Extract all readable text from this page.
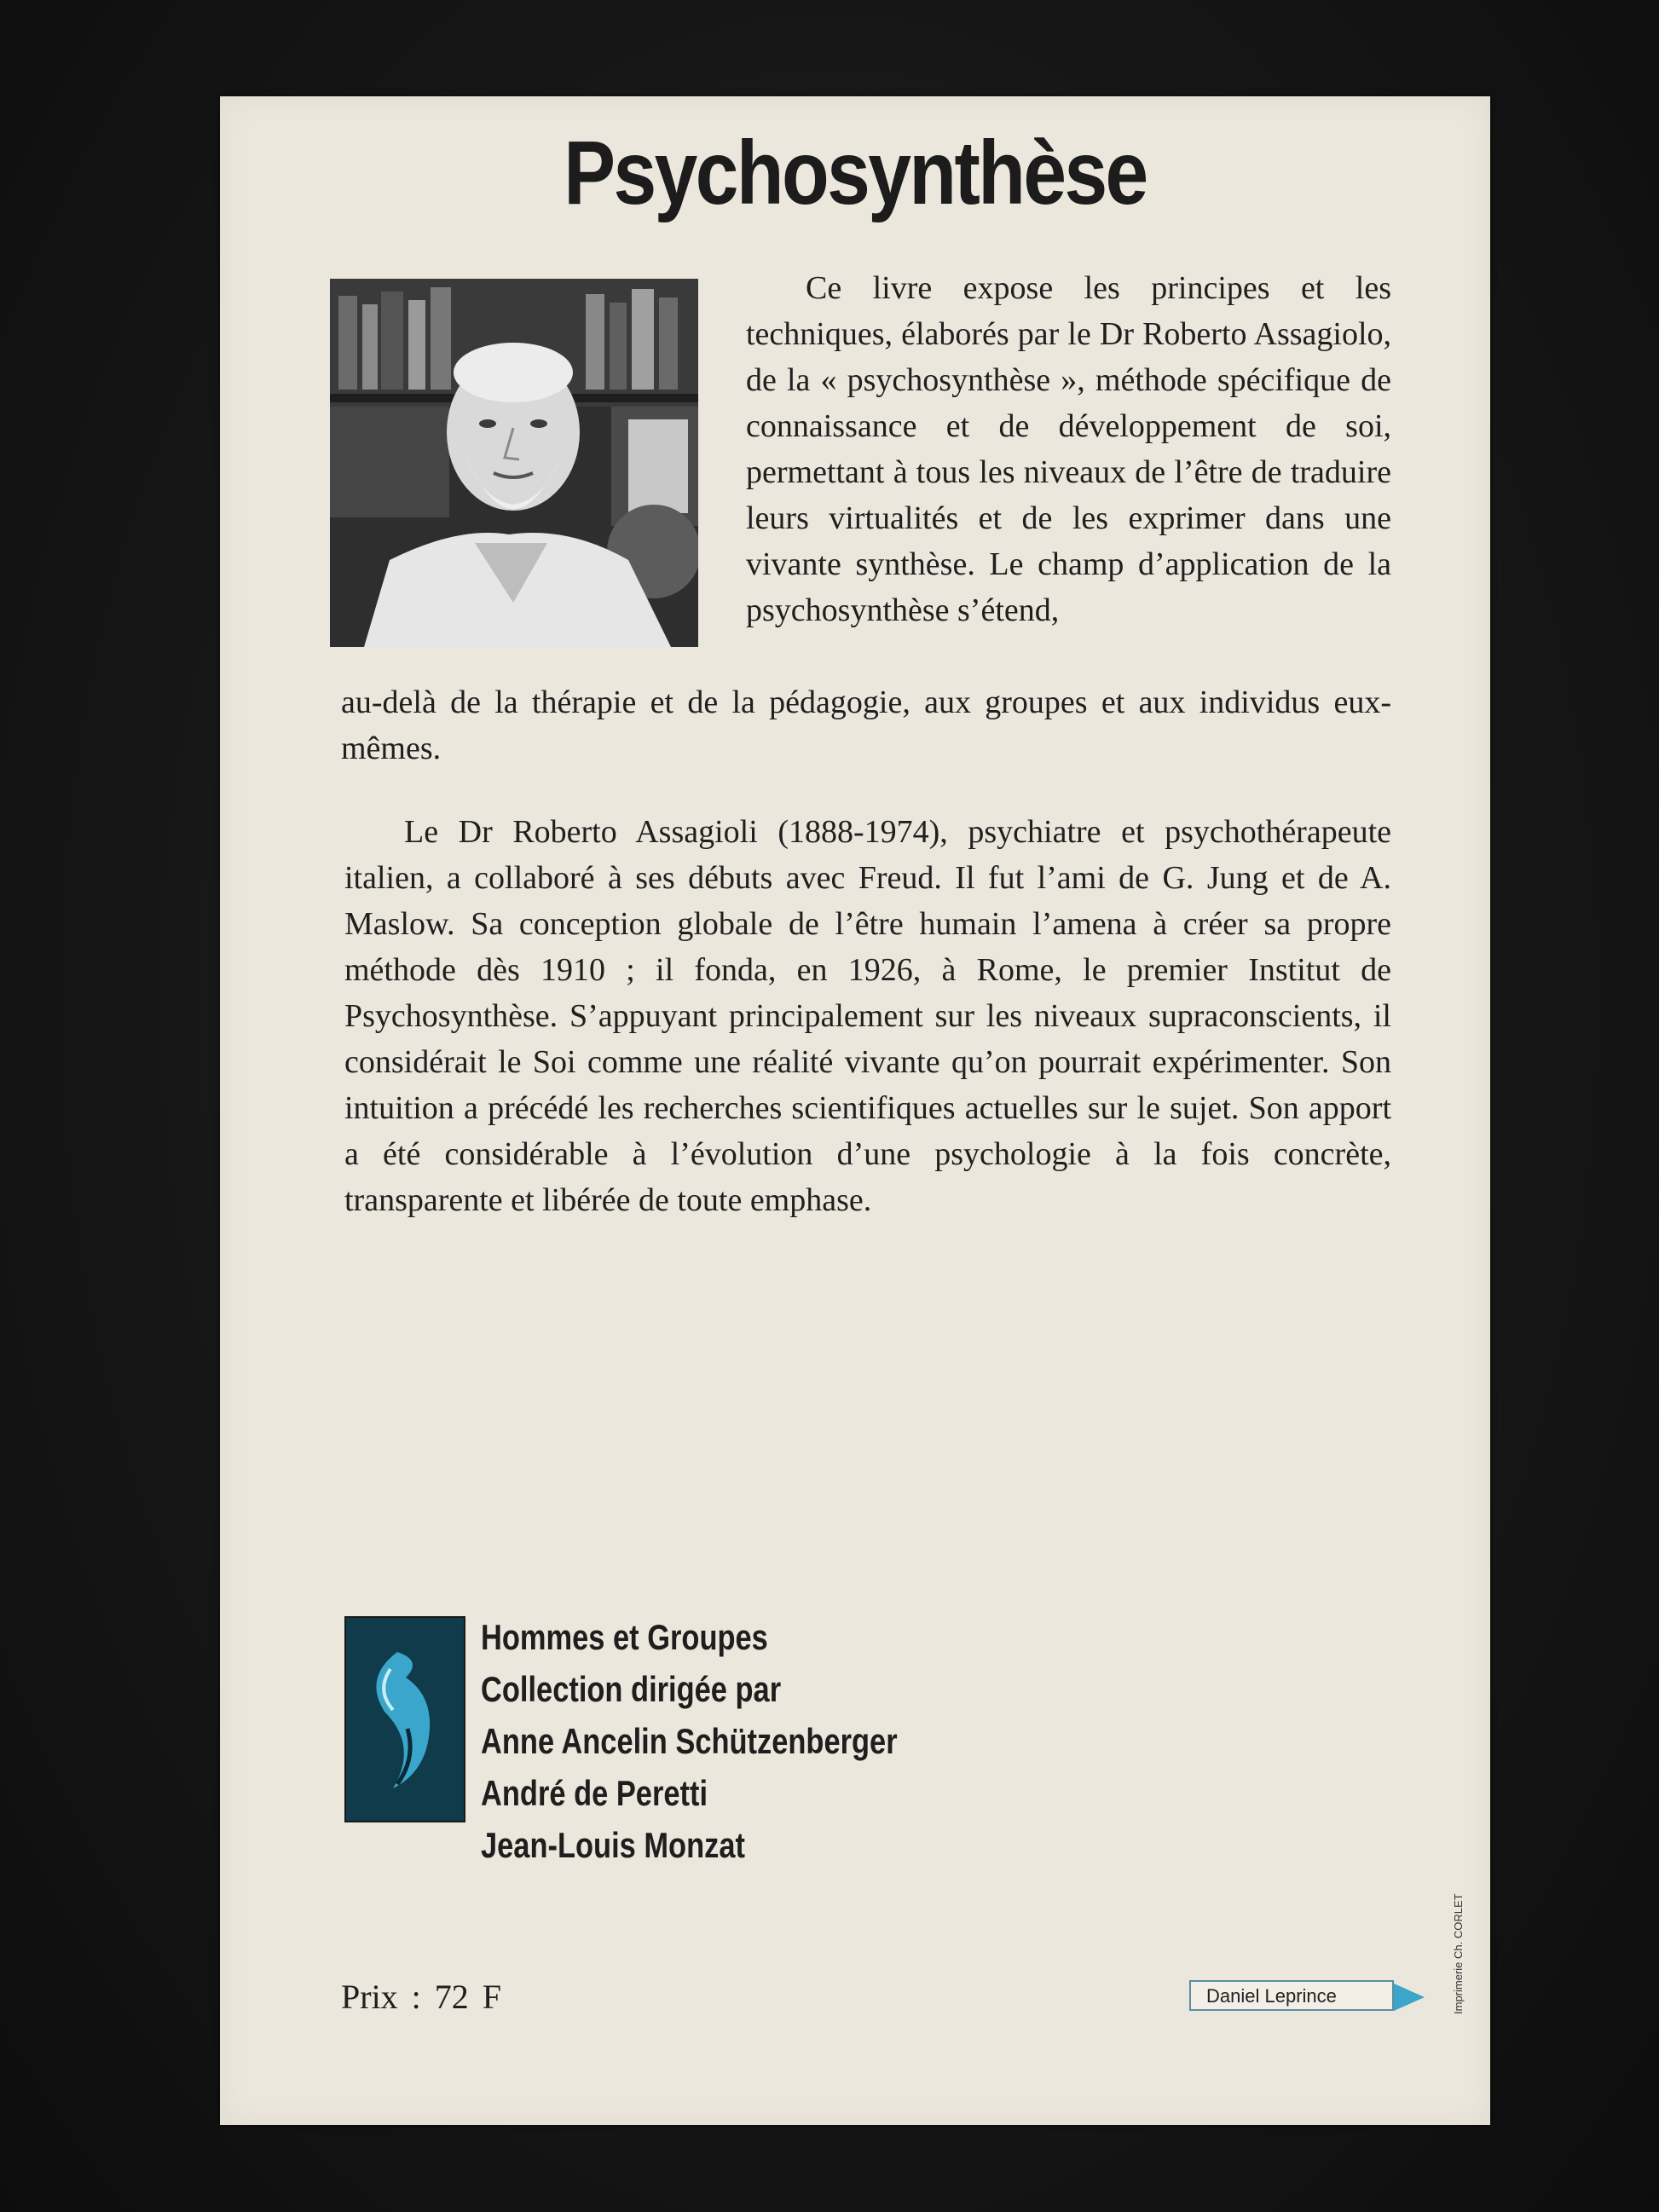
Psychosynthèse
Ce livre expose les principes et les techniques, élaborés par le Dr Roberto Assagiolo, de la « psychosynthèse », méthode spécifique de connaissance et de développement de soi, permettant à tous les niveaux de l’être de traduire leurs virtualités et de les exprimer dans une vivante synthèse. Le champ d’application de la psychosynthèse s’étend,
au-delà de la thérapie et de la pédagogie, aux groupes et aux individus eux-mêmes.
Le Dr Roberto Assagioli (1888-1974), psychiatre et psychothérapeute italien, a collaboré à ses débuts avec Freud. Il fut l’ami de G. Jung et de A. Maslow. Sa conception globale de l’être humain l’amena à créer sa propre méthode dès 1910 ; il fonda, en 1926, à Rome, le premier Institut de Psychosynthèse. S’appuyant principalement sur les niveaux supraconscients, il considérait le Soi comme une réalité vivante qu’on pourrait expérimenter. Son intuition a précédé les recherches scientifiques actuelles sur le sujet. Son apport a été considérable à l’évolution d’une psychologie à la fois concrète, transparente et libérée de toute emphase.
Hommes et Groupes
Collection dirigée par
Anne Ancelin Schützenberger
André de Peretti
Jean-Louis Monzat
Prix : 72 F	Daniel Leprince	Imprimerie Ch. CORLET
